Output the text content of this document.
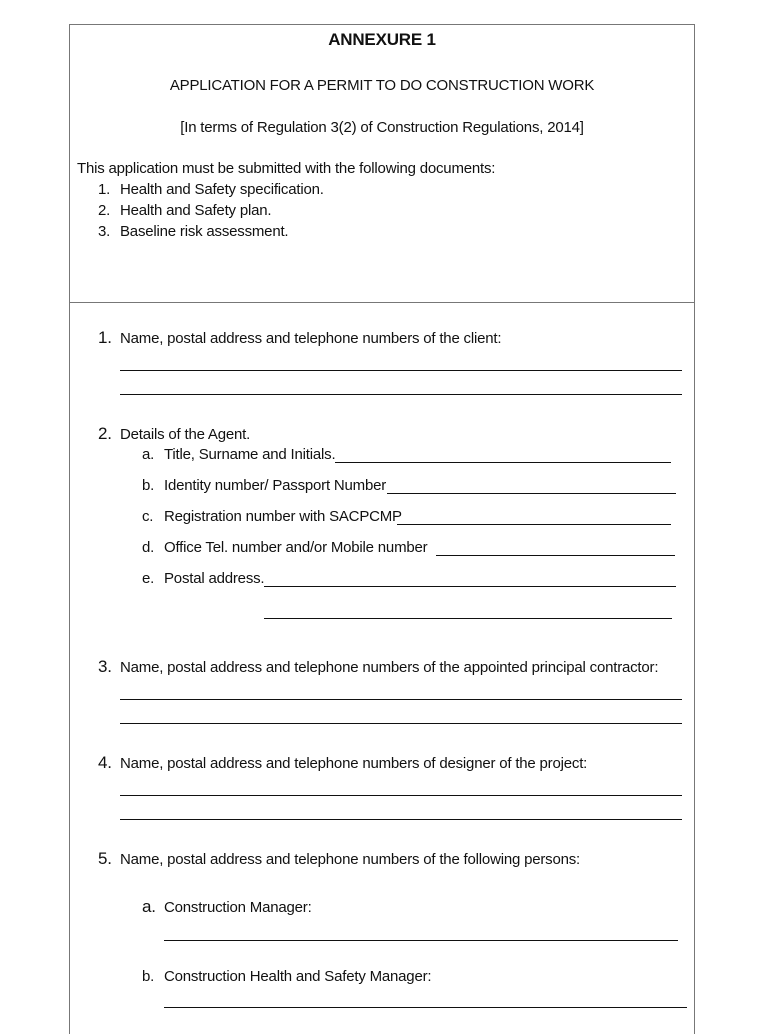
ANNEXURE 1
APPLICATION FOR A PERMIT TO DO CONSTRUCTION WORK
[In terms of Regulation 3(2) of Construction Regulations, 2014]
This application must be submitted with the following documents:
1. Health and Safety specification.
2. Health and Safety plan.
3. Baseline risk assessment.
1. Name, postal address and telephone numbers of the client:
2. Details of the Agent.
a. Title, Surname and Initials.
b. Identity number/ Passport Number
c. Registration number with SACPCMP
d. Office Tel. number and/or Mobile number
e. Postal address.
3. Name, postal address and telephone numbers of the appointed principal contractor:
4. Name, postal address and telephone numbers of designer of the project:
5. Name, postal address and telephone numbers of the following persons:
a. Construction Manager:
b. Construction Health and Safety Manager:
